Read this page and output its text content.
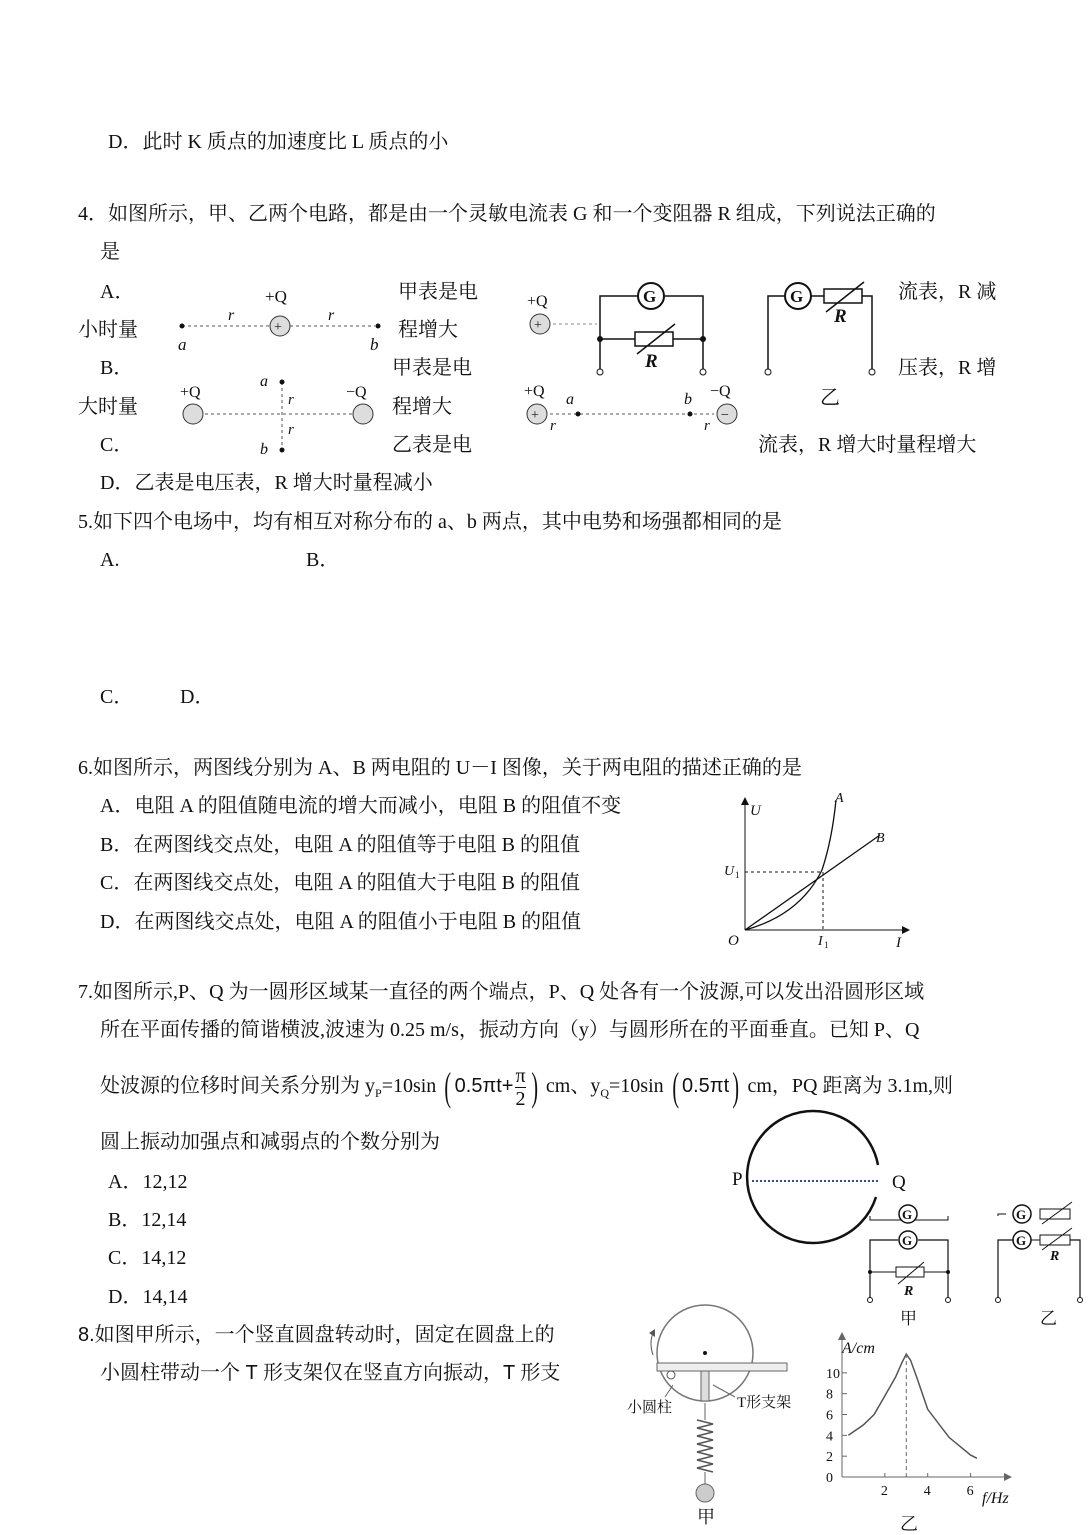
D．此时 K 质点的加速度比 L 质点的小
4．如图所示，甲、乙两个电路，都是由一个灵敏电流表 G 和一个变阻器 R 组成，下列说法正确的
是
A．	甲表是电
小时量	程增大
B．	甲表是电
大时量	程增大
C．	乙表是电
流表，R 减
压表，R 增
流表，R 增大时量程增大
D．乙表是电压表，R 增大时量程减小
+
+Q
r	r
a	b
+Q	−Q
a
b
r
r
+
+Q	G
R
+	−
+Q	−Q
a	b
r	r
G
R
乙
5.如下四个电场中，均有相互对称分布的 a、b 两点，其中电势和场强都相同的是
A.	B．
C． D．
6.如图所示，两图线分别为 A、B 两电阻的 U－I 图像，关于两电阻的描述正确的是
A．电阻 A 的阻值随电流的增大而减小，电阻 B 的阻值不变
B．在两图线交点处，电阻 A 的阻值等于电阻 B 的阻值
C．在两图线交点处，电阻 A 的阻值大于电阻 B 的阻值
D．在两图线交点处，电阻 A 的阻值小于电阻 B 的阻值
U
A
B
U 1
O	I 1	I
7.如图所示,P、Q 为一圆形区域某一直径的两个端点，P、Q 处各有一个波源,可以发出沿圆形区域
所在平面传播的简谐横波,波速为 0.25 m/s，振动方向（y）与圆形所在的平面垂直。已知 P、Q
处波源的位移时间关系分别为 $y_P=10\sin$ ( $0.5\pi t+ \frac{\pi}{2}$ ) cm、$y_Q=10\sin$ ( 0.5πt) cm，PQ 距离为 3.1m,则
圆上振动加强点和减弱点的个数分别为
A．12,12
B．12,14
C．14,12
D．14,14
P	Q
G
G
R
甲
G
G
R
乙
8.如图甲所示，一个竖直圆盘转动时，固定在圆盘上的
小圆柱带动一个 T 形支架仅在竖直方向振动，T 形支
小圆柱	T形支架
甲
A/cm
f/Hz
乙
0
2
4
6
8
10
2	4	6
